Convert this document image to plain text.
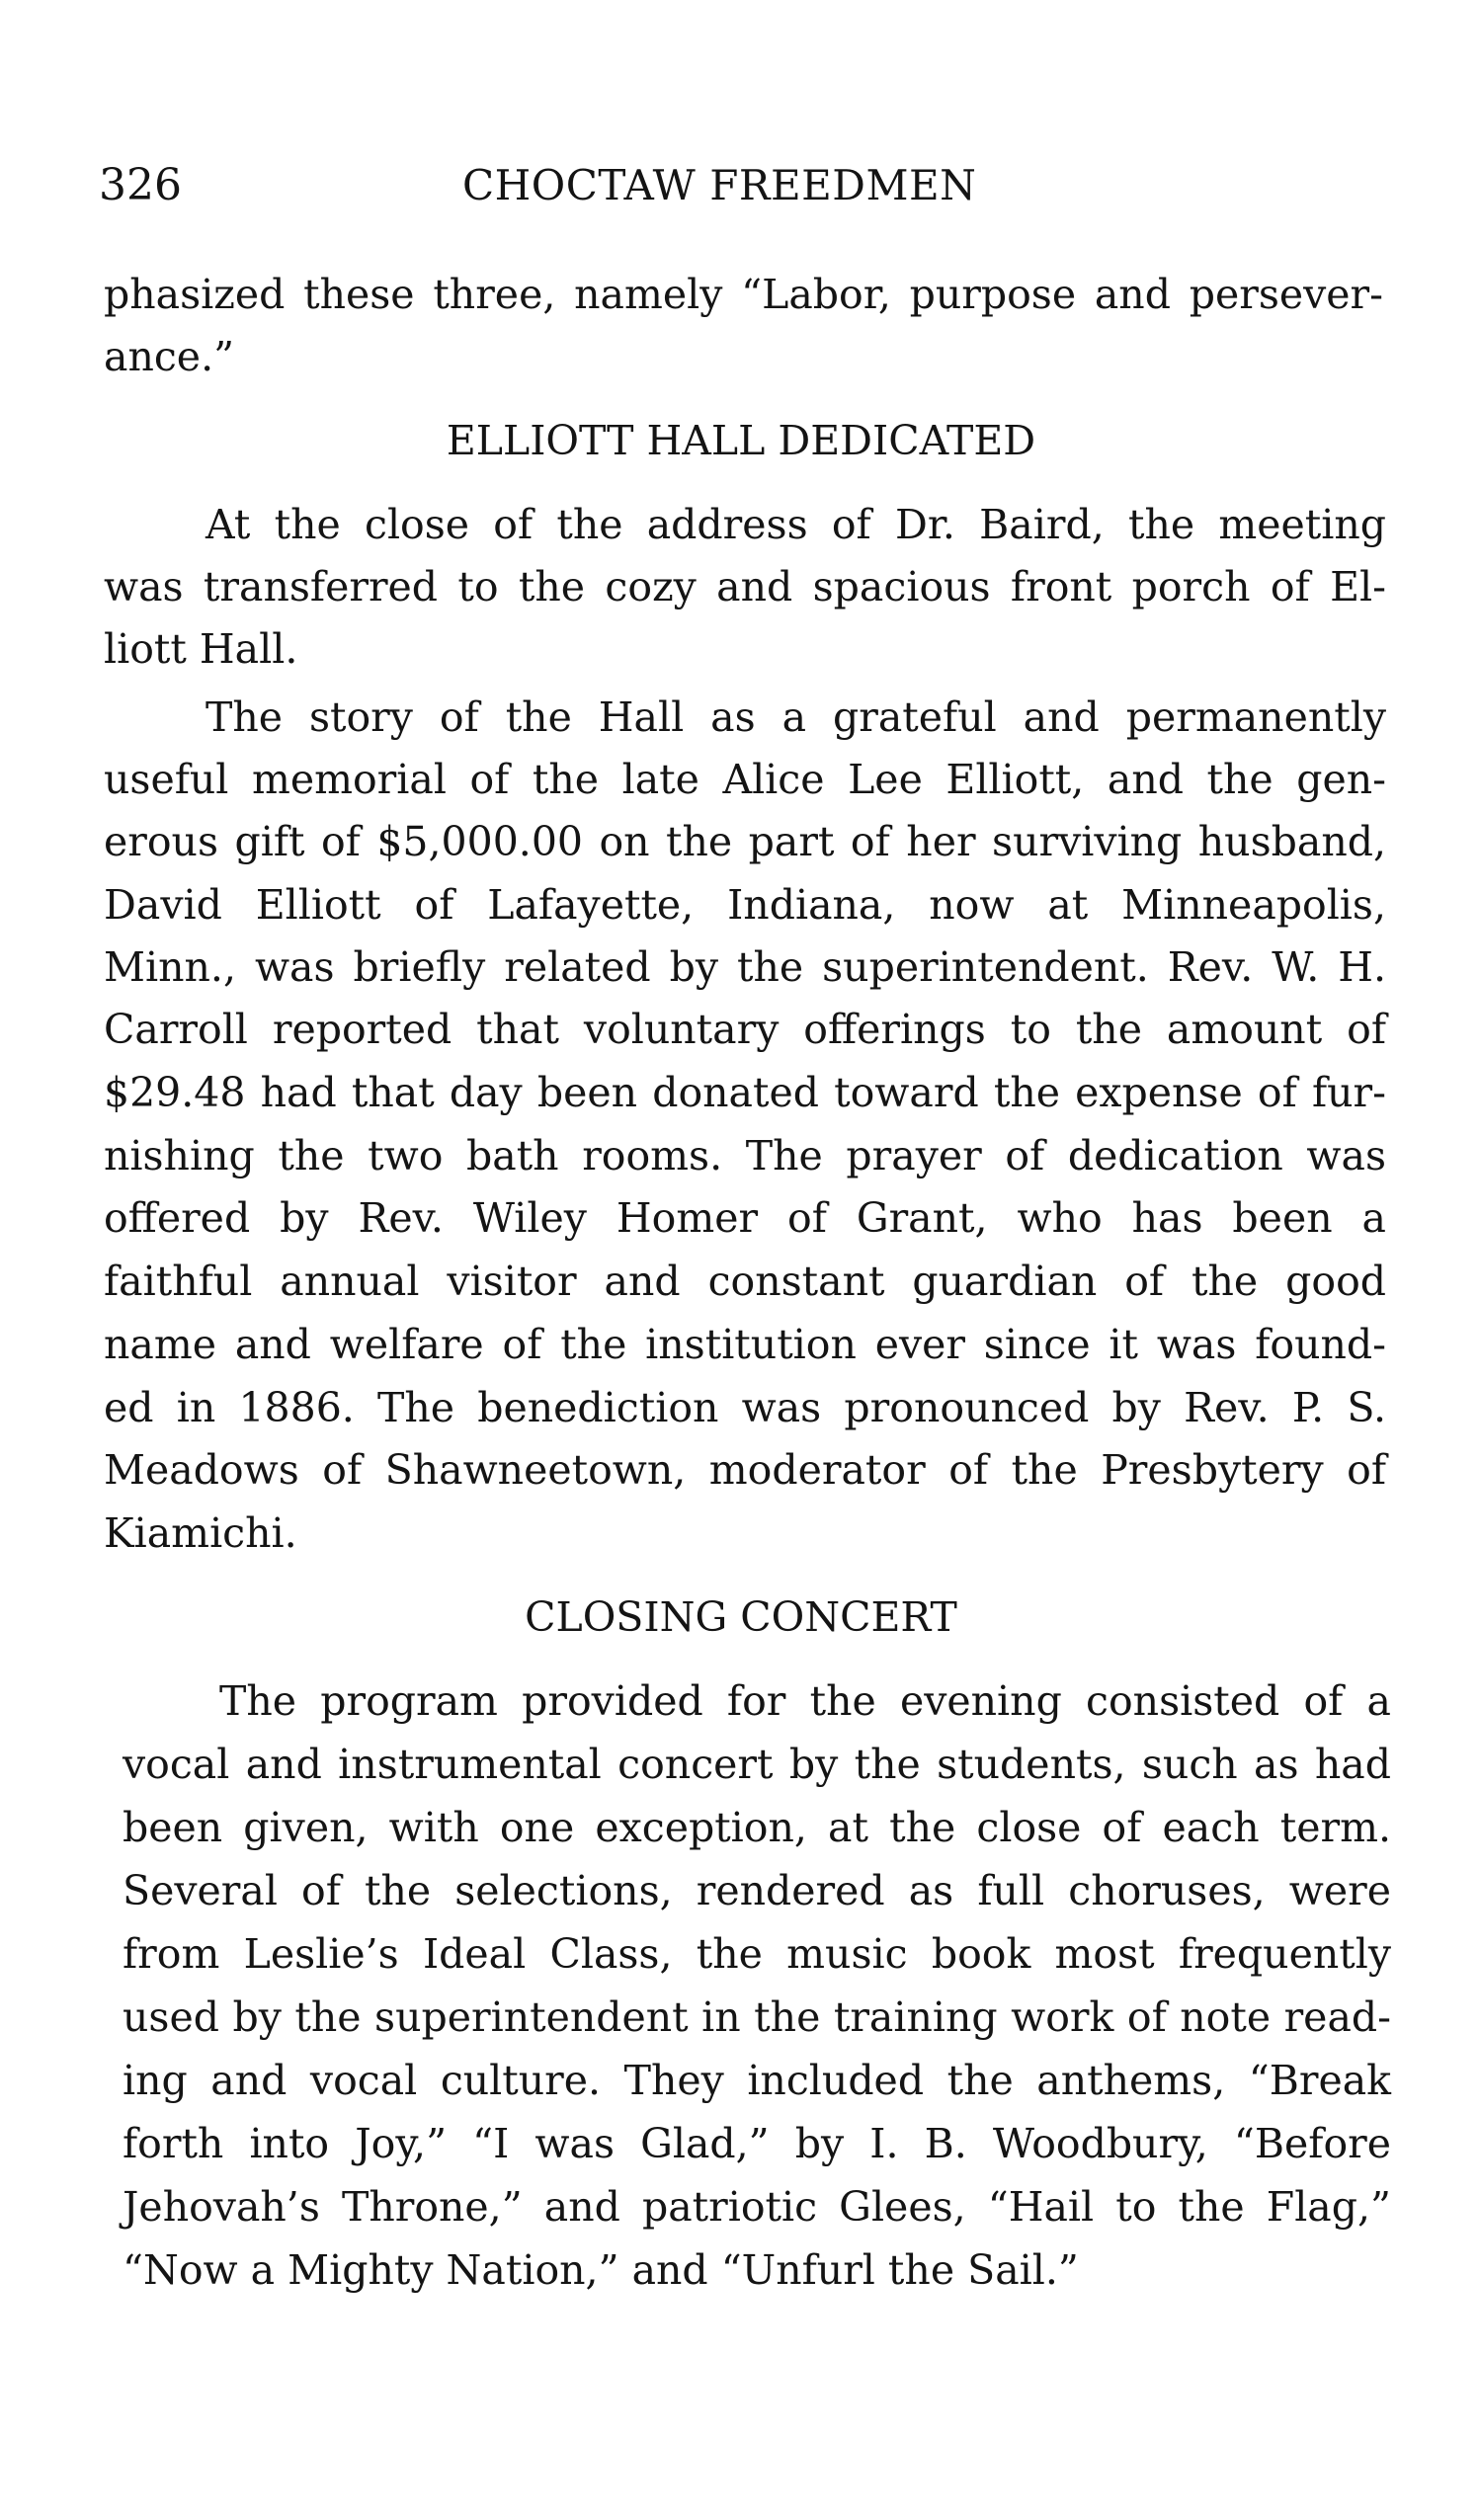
326	CHOCTAW FREEDMEN
phasized these three, namely “Labor, purpose and persever-
ance.”
ELLIOTT HALL DEDICATED
At the close of the address of Dr. Baird, the meeting
was transferred to the cozy and spacious front porch of El-
liott Hall.
The story of the Hall as a grateful and permanently
useful memorial of the late Alice Lee Elliott, and the gen-
erous gift of $5,000.00 on the part of her surviving husband,
David Elliott of Lafayette, Indiana, now at Minneapolis,
Minn., was briefly related by the superintendent. Rev. W. H.
Carroll reported that voluntary offerings to the amount of
$29.48 had that day been donated toward the expense of fur-
nishing the two bath rooms. The prayer of dedication was
offered by Rev. Wiley Homer of Grant, who has been a
faithful annual visitor and constant guardian of the good
name and welfare of the institution ever since it was found-
ed in 1886. The benediction was pronounced by Rev. P. S.
Meadows of Shawneetown, moderator of the Presbytery of
Kiamichi.
CLOSING CONCERT
The program provided for the evening consisted of a
vocal and instrumental concert by the students, such as had
been given, with one exception, at the close of each term.
Several of the selections, rendered as full choruses, were
from Leslie’s Ideal Class, the music book most frequently
used by the superintendent in the training work of note read-
ing and vocal culture. They included the anthems, “Break
forth into Joy,” “I was Glad,” by I. B. Woodbury, “Before
Jehovah’s Throne,” and patriotic Glees, “Hail to the Flag,”
“Now a Mighty Nation,” and “Unfurl the Sail.”
